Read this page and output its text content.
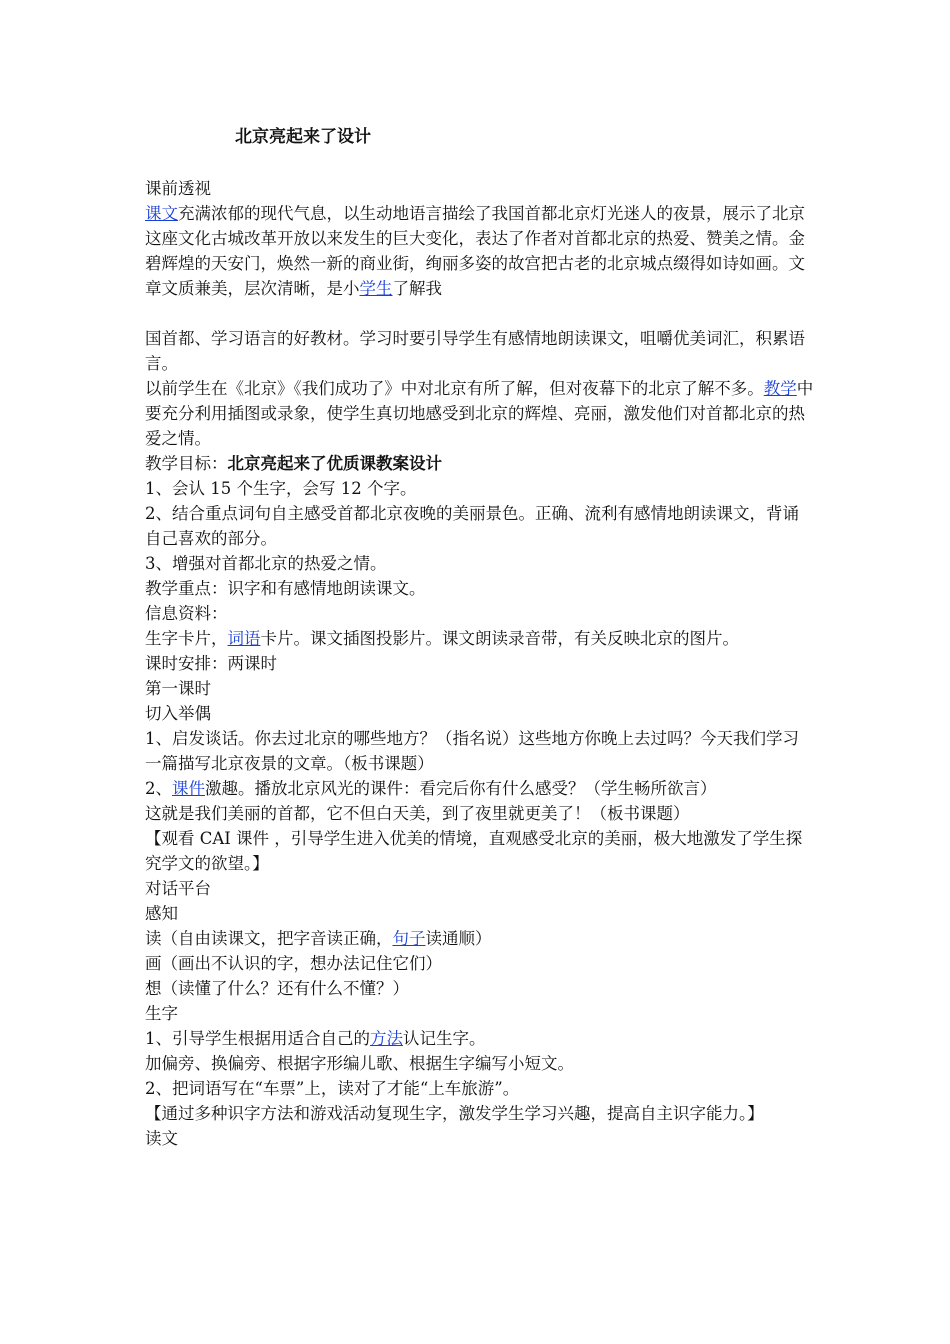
北京亮起来了设计

课前透视

课文充满浓郁的现代气息，以生动地语言描绘了我国首都北京灯光迷人的夜景，展示了北京这座文化古城改革开放以来发生的巨大变化，表达了作者对首都北京的热爱、赞美之情。金碧辉煌的天安门，焕然一新的商业街，绚丽多姿的故宫把古老的北京城点缀得如诗如画。文章文质兼美，层次清晰，是小学生了解我

国首都、学习语言的好教材。学习时要引导学生有感情地朗读课文，咀嚼优美词汇，积累语言。

以前学生在《北京》《我们成功了》中对北京有所了解，但对夜幕下的北京了解不多。教学中要充分利用插图或录象，使学生真切地感受到北京的辉煌、亮丽，激发他们对首都北京的热爱之情。

教学目标：北京亮起来了优质课教案设计

1、会认 15 个生字，会写 12 个字。

2、结合重点词句自主感受首都北京夜晚的美丽景色。正确、流利有感情地朗读课文，背诵自己喜欢的部分。

3、增强对首都北京的热爱之情。

教学重点：识字和有感情地朗读课文。

信息资料：

生字卡片，词语卡片。课文插图投影片。课文朗读录音带，有关反映北京的图片。

课时安排：两课时

第一课时

切入举偶

1、启发谈话。你去过北京的哪些地方？（指名说）这些地方你晚上去过吗？今天我们学习一篇描写北京夜景的文章。（板书课题）

2、课件激趣。播放北京风光的课件：看完后你有什么感受？（学生畅所欲言）

这就是我们美丽的首都，它不但白天美，到了夜里就更美了！（板书课题）

【观看 CAI 课件 ，引导学生进入优美的情境，直观感受北京的美丽，极大地激发了学生探究学文的欲望。】

对话平台

感知

读（自由读课文，把字音读正确，句子读通顺）

画（画出不认识的字，想办法记住它们）

想（读懂了什么？还有什么不懂？）

生字

1、引导学生根据用适合自己的方法认记生字。

加偏旁、换偏旁、根据字形编儿歌、根据生字编写小短文。

2、把词语写在“车票”上，读对了才能“上车旅游”。

【通过多种识字方法和游戏活动复现生字，激发学生学习兴趣，提高自主识字能力。】

读文
